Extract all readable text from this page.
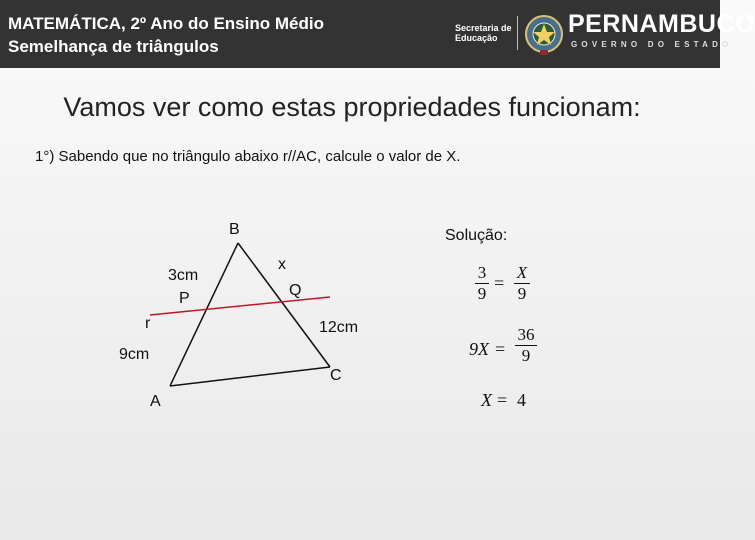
MATEMÁTICA, 2º Ano do Ensino Médio
Semelhança de triângulos
Secretaria de
Educação	PERNAMBUCO
GOVERNO DO ESTADO
Vamos ver como estas propriedades funcionam:
1°) Sabendo que no triângulo abaixo r//AC, calcule o valor de X.
B
x
3cm
P	Q
r	12cm
9cm
C
A
Solução:
3
9
=
X
9
9X =
36
9
X = 4
